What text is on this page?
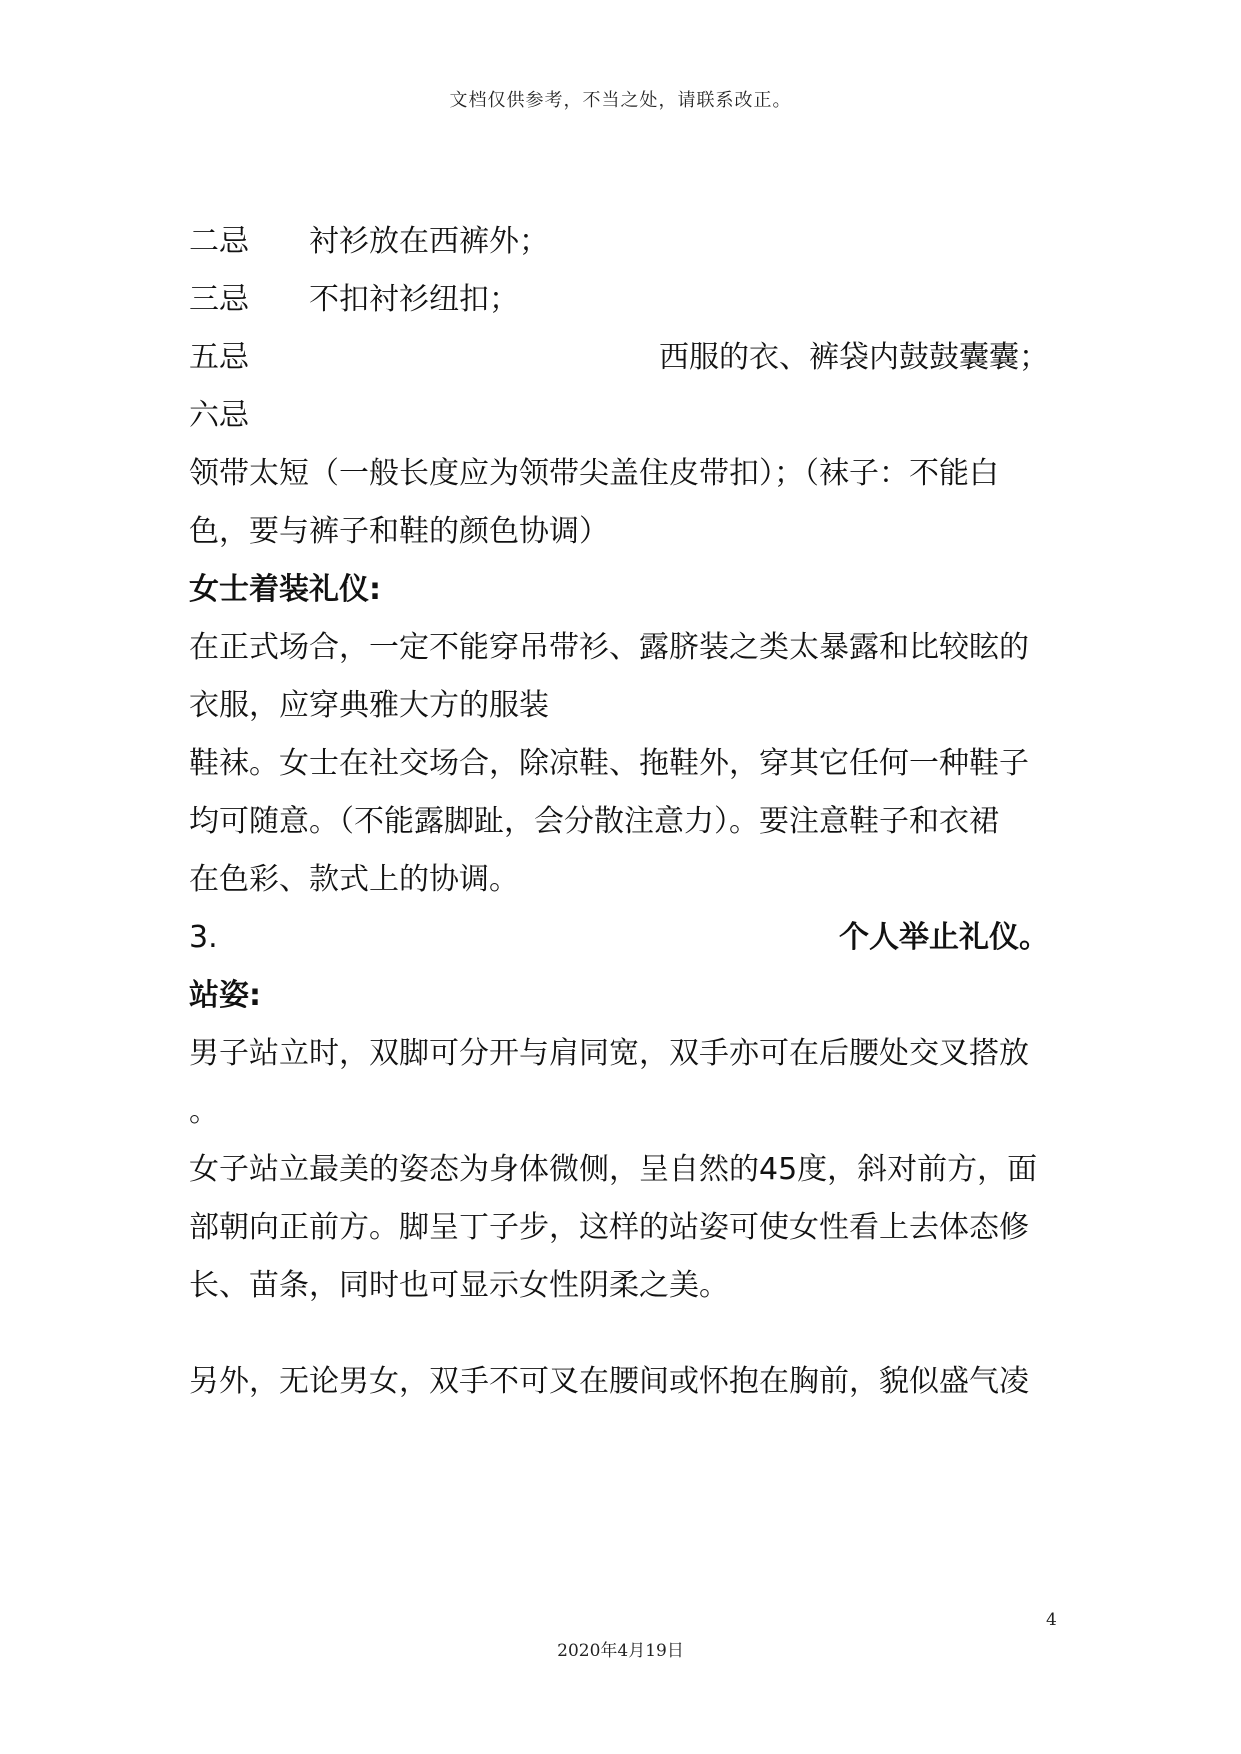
文档仅供参考，不当之处，请联系改正。
二忌　　衬衫放在西裤外；
三忌　　不扣衬衫纽扣；
五忌	西服的衣、裤袋内鼓鼓囊囊；
六忌
领带太短（一般长度应为领带尖盖住皮带扣）；（袜子：不能白
色，要与裤子和鞋的颜色协调）
女士着装礼仪:
在正式场合，一定不能穿吊带衫、露脐装之类太暴露和比较眩的
衣服，应穿典雅大方的服装
鞋袜。女士在社交场合，除凉鞋、拖鞋外，穿其它任何一种鞋子
均可随意。（不能露脚趾，会分散注意力）。要注意鞋子和衣裙
在色彩、款式上的协调。
3.	个人举止礼仪。
站姿:
男子站立时，双脚可分开与肩同宽，双手亦可在后腰处交叉搭放
。
女子站立最美的姿态为身体微侧，呈自然的45度，斜对前方，面
部朝向正前方。脚呈丁子步，这样的站姿可使女性看上去体态修
长、苗条，同时也可显示女性阴柔之美。
另外，无论男女，双手不可叉在腰间或怀抱在胸前，貌似盛气凌
4
2020年4月19日
